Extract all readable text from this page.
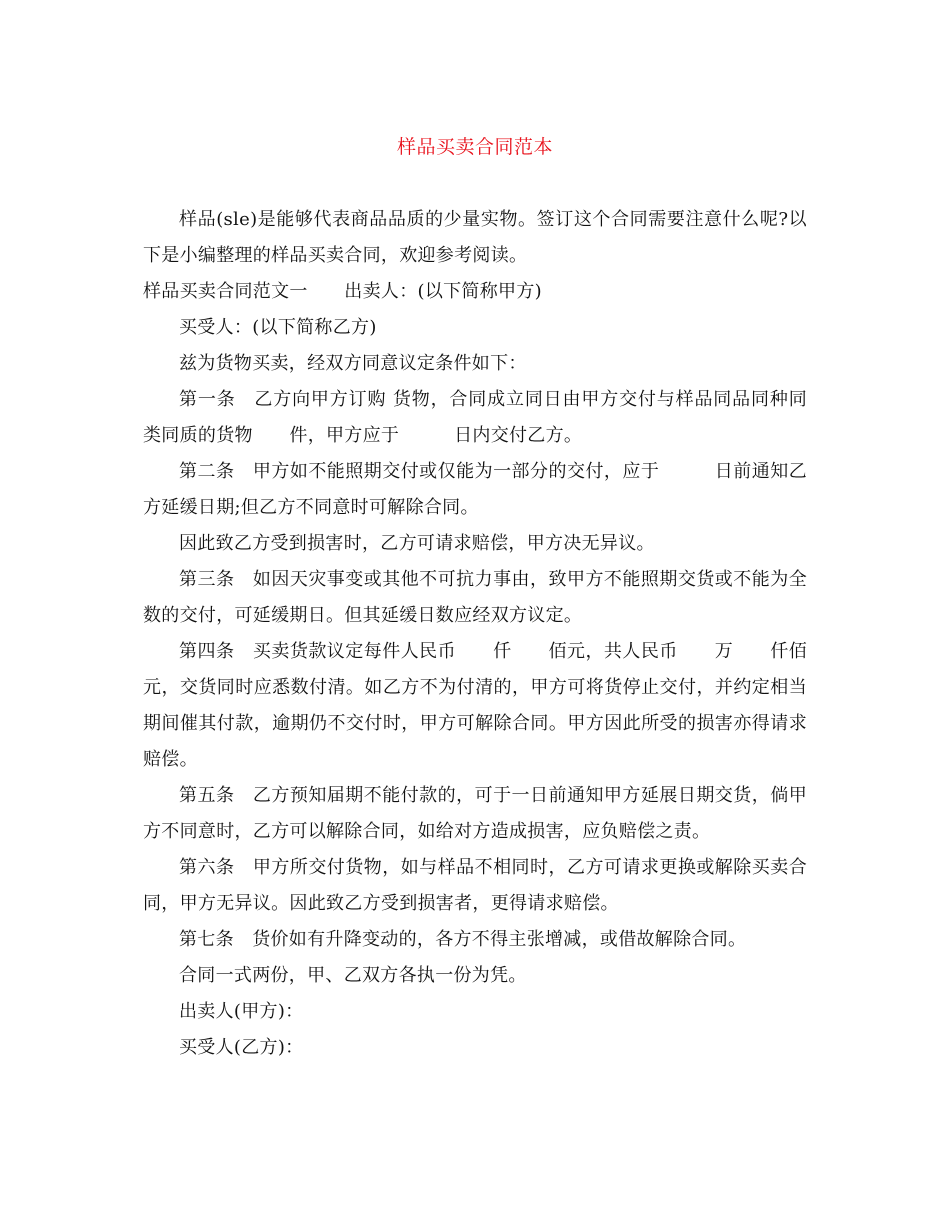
样品买卖合同范本

样品(sle)是能够代表商品品质的少量实物。签订这个合同需要注意什么呢?以下是小编整理的样品买卖合同，欢迎参考阅读。

样品买卖合同范文一　　出卖人：(以下简称甲方)

买受人：(以下简称乙方)

兹为货物买卖，经双方同意议定条件如下：

第一条　乙方向甲方订购 货物，合同成立同日由甲方交付与样品同品同种同类同质的货物　　件，甲方应于　　　日内交付乙方。

第二条　甲方如不能照期交付或仅能为一部分的交付，应于　　　日前通知乙方延缓日期;但乙方不同意时可解除合同。

因此致乙方受到损害时，乙方可请求赔偿，甲方决无异议。

第三条　如因天灾事变或其他不可抗力事由，致甲方不能照期交货或不能为全数的交付，可延缓期日。但其延缓日数应经双方议定。

第四条　买卖货款议定每件人民币　　仟　　佰元，共人民币　　万　　仟佰元，交货同时应悉数付清。如乙方不为付清的，甲方可将货停止交付，并约定相当期间催其付款，逾期仍不交付时，甲方可解除合同。甲方因此所受的损害亦得请求赔偿。

第五条　乙方预知届期不能付款的，可于一日前通知甲方延展日期交货，倘甲方不同意时，乙方可以解除合同，如给对方造成损害，应负赔偿之责。

第六条　甲方所交付货物，如与样品不相同时，乙方可请求更换或解除买卖合同，甲方无异议。因此致乙方受到损害者，更得请求赔偿。

第七条　货价如有升降变动的，各方不得主张增减，或借故解除合同。

合同一式两份，甲、乙双方各执一份为凭。

出卖人(甲方)：

买受人(乙方)：
